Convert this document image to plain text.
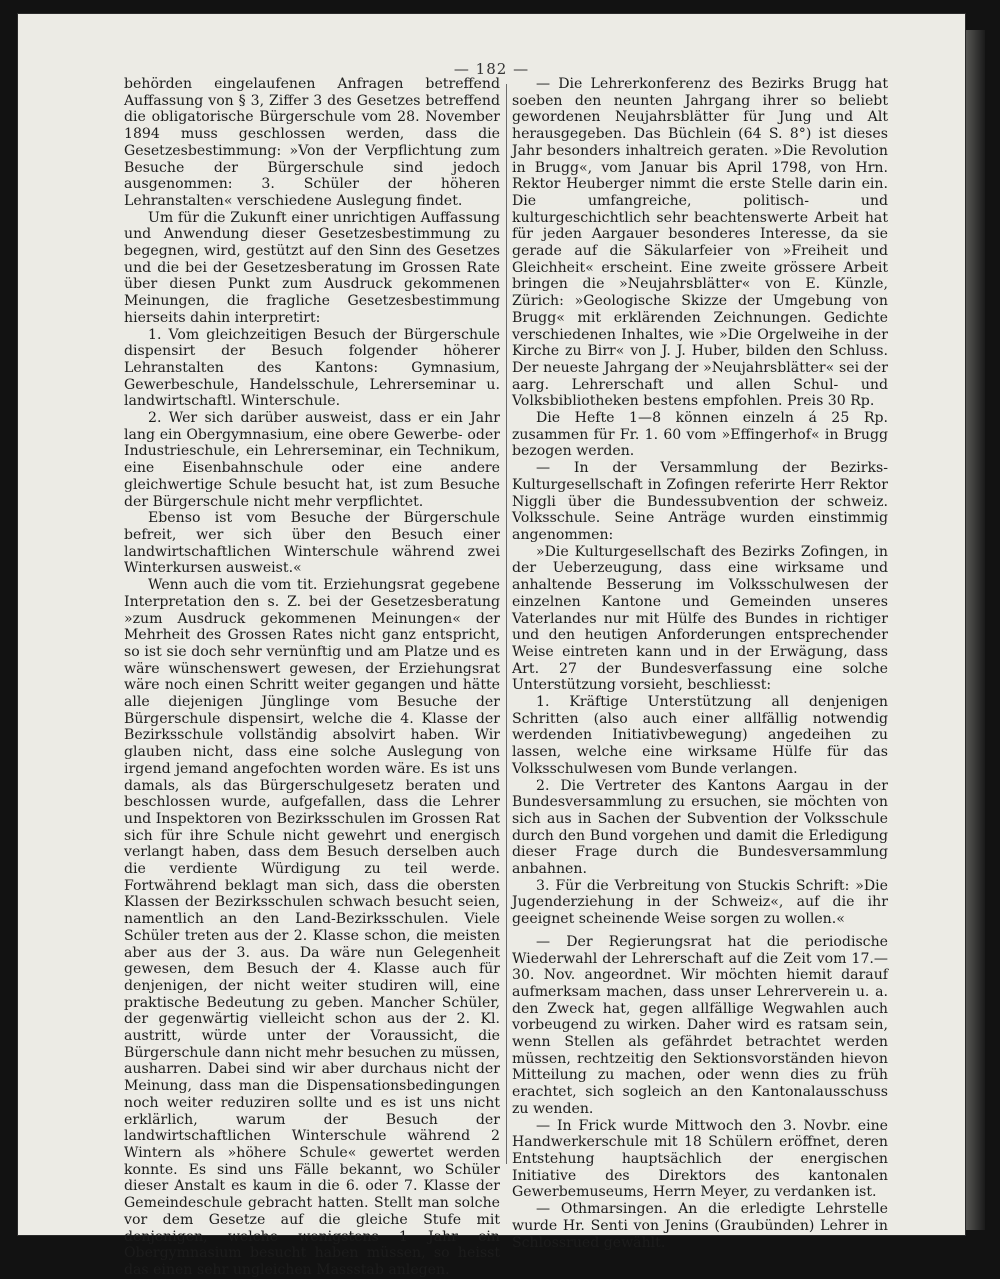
— 182 —

behörden eingelaufenen Anfragen betreffend Auffassung von § 3, Ziffer 3 des Gesetzes betreffend die obligatorische Bürgerschule vom 28. November 1894 muss geschlossen werden, dass die Gesetzesbestimmung: »Von der Verpflichtung zum Besuche der Bürgerschule sind jedoch ausgenommen: 3. Schüler der höheren Lehranstalten« verschiedene Auslegung findet.

Um für die Zukunft einer unrichtigen Auffassung und Anwendung dieser Gesetzesbestimmung zu begegnen, wird, gestützt auf den Sinn des Gesetzes und die bei der Gesetzesberatung im Grossen Rate über diesen Punkt zum Ausdruck gekommenen Meinungen, die fragliche Gesetzesbestimmung hierseits dahin interpretirt:

1. Vom gleichzeitigen Besuch der Bürgerschule dispensirt der Besuch folgender höherer Lehranstalten des Kantons: Gymnasium, Gewerbeschule, Handelsschule, Lehrerseminar u. landwirtschaftl. Winterschule.

2. Wer sich darüber ausweist, dass er ein Jahr lang ein Obergymnasium, eine obere Gewerbe- oder Industrieschule, ein Lehrerseminar, ein Technikum, eine Eisenbahnschule oder eine andere gleichwertige Schule besucht hat, ist zum Besuche der Bürgerschule nicht mehr verpflichtet.

Ebenso ist vom Besuche der Bürgerschule befreit, wer sich über den Besuch einer landwirtschaftlichen Winterschule während zwei Winterkursen ausweist.«

Wenn auch die vom tit. Erziehungsrat gegebene Interpretation den s. Z. bei der Gesetzesberatung »zum Ausdruck gekommenen Meinungen« der Mehrheit des Grossen Rates nicht ganz entspricht, so ist sie doch sehr vernünftig und am Platze und es wäre wünschenswert gewesen, der Erziehungsrat wäre noch einen Schritt weiter gegangen und hätte alle diejenigen Jünglinge vom Besuche der Bürgerschule dispensirt, welche die 4. Klasse der Bezirksschule vollständig absolvirt haben. Wir glauben nicht, dass eine solche Auslegung von irgend jemand angefochten worden wäre. Es ist uns damals, als das Bürgerschulgesetz beraten und beschlossen wurde, aufgefallen, dass die Lehrer und Inspektoren von Bezirksschulen im Grossen Rat sich für ihre Schule nicht gewehrt und energisch verlangt haben, dass dem Besuch derselben auch die verdiente Würdigung zu teil werde. Fortwährend beklagt man sich, dass die obersten Klassen der Bezirksschulen schwach besucht seien, namentlich an den Land-Bezirksschulen. Viele Schüler treten aus der 2. Klasse schon, die meisten aber aus der 3. aus. Da wäre nun Gelegenheit gewesen, dem Besuch der 4. Klasse auch für denjenigen, der nicht weiter studiren will, eine praktische Bedeutung zu geben. Mancher Schüler, der gegenwärtig vielleicht schon aus der 2. Kl. austritt, würde unter der Voraussicht, die Bürgerschule dann nicht mehr besuchen zu müssen, ausharren. Dabei sind wir aber durchaus nicht der Meinung, dass man die Dispensationsbedingungen noch weiter reduziren sollte und es ist uns nicht erklärlich, warum der Besuch der landwirtschaftlichen Winterschule während 2 Wintern als »höhere Schule« gewertet werden konnte. Es sind uns Fälle bekannt, wo Schüler dieser Anstalt es kaum in die 6. oder 7. Klasse der Gemeindeschule gebracht hatten. Stellt man solche vor dem Gesetze auf die gleiche Stufe mit denjenigen, welche wenigstens 1 Jahr ein Obergymnasium besucht haben müssen, so heisst das einen sehr ungleichen Massstab anlegen.

— Die Lehrerkonferenz des Bezirks Brugg hat soeben den neunten Jahrgang ihrer so beliebt gewordenen Neujahrsblätter für Jung und Alt herausgegeben. Das Büchlein (64 S. 8°) ist dieses Jahr besonders inhaltreich geraten. »Die Revolution in Brugg«, vom Januar bis April 1798, von Hrn. Rektor Heuberger nimmt die erste Stelle darin ein. Die umfangreiche, politisch- und kulturgeschichtlich sehr beachtenswerte Arbeit hat für jeden Aargauer besonderes Interesse, da sie gerade auf die Säkularfeier von »Freiheit und Gleichheit« erscheint. Eine zweite grössere Arbeit bringen die »Neujahrsblätter« von E. Künzle, Zürich: »Geologische Skizze der Umgebung von Brugg« mit erklärenden Zeichnungen. Gedichte verschiedenen Inhaltes, wie »Die Orgelweihe in der Kirche zu Birr« von J. J. Huber, bilden den Schluss. Der neueste Jahrgang der »Neujahrsblätter« sei der aarg. Lehrerschaft und allen Schul- und Volksbibliotheken bestens empfohlen. Preis 30 Rp.

Die Hefte 1—8 können einzeln á 25 Rp. zusammen für Fr. 1. 60 vom »Effingerhof« in Brugg bezogen werden.

— In der Versammlung der Bezirks-Kulturgesellschaft in Zofingen referirte Herr Rektor Niggli über die Bundessubvention der schweiz. Volksschule. Seine Anträge wurden einstimmig angenommen:

»Die Kulturgesellschaft des Bezirks Zofingen, in der Ueberzeugung, dass eine wirksame und anhaltende Besserung im Volksschulwesen der einzelnen Kantone und Gemeinden unseres Vaterlandes nur mit Hülfe des Bundes in richtiger und den heutigen Anforderungen entsprechender Weise eintreten kann und in der Erwägung, dass Art. 27 der Bundesverfassung eine solche Unterstützung vorsieht, beschliesst:

1. Kräftige Unterstützung all denjenigen Schritten (also auch einer allfällig notwendig werdenden Initiativbewegung) angedeihen zu lassen, welche eine wirksame Hülfe für das Volksschulwesen vom Bunde verlangen.

2. Die Vertreter des Kantons Aargau in der Bundesversammlung zu ersuchen, sie möchten von sich aus in Sachen der Subvention der Volksschule durch den Bund vorgehen und damit die Erledigung dieser Frage durch die Bundesversammlung anbahnen.

3. Für die Verbreitung von Stuckis Schrift: »Die Jugenderziehung in der Schweiz«, auf die ihr geeignet scheinende Weise sorgen zu wollen.«

— Der Regierungsrat hat die periodische Wiederwahl der Lehrerschaft auf die Zeit vom 17.—30. Nov. angeordnet. Wir möchten hiemit darauf aufmerksam machen, dass unser Lehrerverein u. a. den Zweck hat, gegen allfällige Wegwahlen auch vorbeugend zu wirken. Daher wird es ratsam sein, wenn Stellen als gefährdet betrachtet werden müssen, rechtzeitig den Sektionsvorständen hievon Mitteilung zu machen, oder wenn dies zu früh erachtet, sich sogleich an den Kantonalausschuss zu wenden.

— In Frick wurde Mittwoch den 3. Novbr. eine Handwerkerschule mit 18 Schülern eröffnet, deren Entstehung hauptsächlich der energischen Initiative des Direktors des kantonalen Gewerbemuseums, Herrn Meyer, zu verdanken ist.

— Othmarsingen. An die erledigte Lehrstelle wurde Hr. Senti von Jenins (Graubünden) Lehrer in Schlossrued gewählt.
